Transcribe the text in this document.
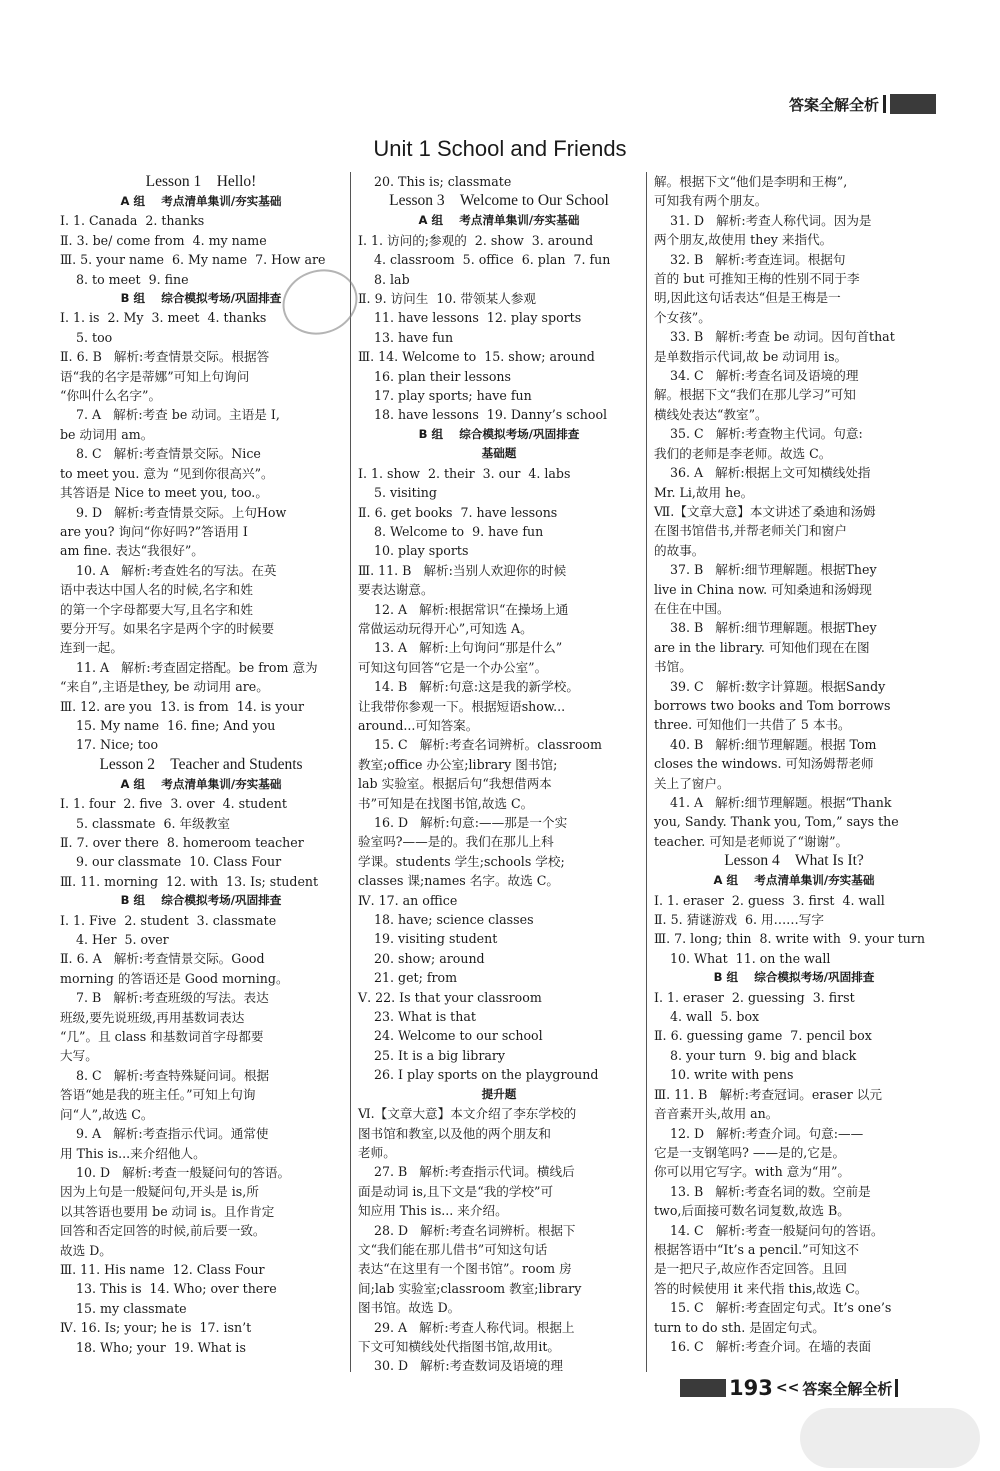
答案全解全析
Unit 1 School and Friends
Lesson 1    Hello!
A 组    考点清单集训/夯实基础
Ⅰ. 1. Canada  2. thanks
Ⅱ. 3. be/ come from  4. my name
Ⅲ. 5. your name  6. My name  7. How are
8. to meet  9. fine
B 组    综合模拟考场/巩固排查
Ⅰ. 1. is  2. My  3. meet  4. thanks
5. too
Ⅱ. 6. B   解析:考查情景交际。根据答
语“我的名字是蒂娜”可知上句询问
“你叫什么名字”。
7. A   解析:考查 be 动词。主语是 I,
be 动词用 am。
8. C   解析:考查情景交际。Nice
to meet you. 意为 “见到你很高兴”。
其答语是 Nice to meet you, too.。
9. D   解析:考查情景交际。上句How
are you? 询问“你好吗?”答语用 I
am fine. 表达“我很好”。
10. A   解析:考查姓名的写法。在英
语中表达中国人名的时候,名字和姓
的第一个字母都要大写,且名字和姓
要分开写。如果名字是两个字的时候要
连到一起。
11. A   解析:考查固定搭配。be from 意为
“来自”,主语是they, be 动词用 are。
Ⅲ. 12. are you  13. is from  14. is your
15. My name  16. fine; And you
17. Nice; too
Lesson 2    Teacher and Students
A 组    考点清单集训/夯实基础
Ⅰ. 1. four  2. five  3. over  4. student
5. classmate  6. 年级教室
Ⅱ. 7. over there  8. homeroom teacher
9. our classmate  10. Class Four
Ⅲ. 11. morning  12. with  13. Is; student
B 组    综合模拟考场/巩固排查
Ⅰ. 1. Five  2. student  3. classmate
4. Her  5. over
Ⅱ. 6. A   解析:考查情景交际。Good
morning 的答语还是 Good morning。
7. B   解析:考查班级的写法。表达
班级,要先说班级,再用基数词表达
“几”。且 class 和基数词首字母都要
大写。
8. C   解析:考查特殊疑问词。根据
答语“她是我的班主任。”可知上句询
问“人”,故选 C。
9. A   解析:考查指示代词。通常使
用 This is...来介绍他人。
10. D   解析:考查一般疑问句的答语。
因为上句是一般疑问句,开头是 is,所
以其答语也要用 be 动词 is。且作肯定
回答和否定回答的时候,前后要一致。
故选 D。
Ⅲ. 11. His name  12. Class Four
13. This is  14. Who; over there
15. my classmate
Ⅳ. 16. Is; your; he is  17. isn’t
18. Who; your  19. What is
20. This is; classmate
Lesson 3    Welcome to Our School
A 组    考点清单集训/夯实基础
Ⅰ. 1. 访问的;参观的  2. show  3. around
4. classroom  5. office  6. plan  7. fun
8. lab
Ⅱ. 9. 访问生  10. 带领某人参观
11. have lessons  12. play sports
13. have fun
Ⅲ. 14. Welcome to  15. show; around
16. plan their lessons
17. play sports; have fun
18. have lessons  19. Danny’s school
B 组    综合模拟考场/巩固排查
基础题
Ⅰ. 1. show  2. their  3. our  4. labs
5. visiting
Ⅱ. 6. get books  7. have lessons
8. Welcome to  9. have fun
10. play sports
Ⅲ. 11. B   解析:当别人欢迎你的时候
要表达谢意。
12. A   解析:根据常识“在操场上通
常做运动玩得开心”,可知选 A。
13. A   解析:上句询问“那是什么”
可知这句回答“它是一个办公室”。
14. B   解析:句意:这是我的新学校。
让我带你参观一下。根据短语show...
around...可知答案。
15. C   解析:考查名词辨析。classroom
教室;office 办公室;library 图书馆;
lab 实验室。根据后句“我想借两本
书”可知是在找图书馆,故选 C。
16. D   解析:句意:——那是一个实
验室吗?——是的。我们在那儿上科
学课。students 学生;schools 学校;
classes 课;names 名字。故选 C。
Ⅳ. 17. an office
18. have; science classes
19. visiting student
20. show; around
21. get; from
Ⅴ. 22. Is that your classroom
23. What is that
24. Welcome to our school
25. It is a big library
26. I play sports on the playground
提升题
Ⅵ.【文章大意】本文介绍了李东学校的
图书馆和教室,以及他的两个朋友和
老师。
27. B   解析:考查指示代词。横线后
面是动词 is,且下文是“我的学校”可
知应用 This is... 来介绍。
28. D   解析:考查名词辨析。根据下
文“我们能在那儿借书”可知这句话
表达“在这里有一个图书馆”。room 房
间;lab 实验室;classroom 教室;library
图书馆。故选 D。
29. A   解析:考查人称代词。根据上
下文可知横线处代指图书馆,故用it。
30. D   解析:考查数词及语境的理
解。根据下文“他们是李明和王梅”,
可知我有两个朋友。
31. D   解析:考查人称代词。因为是
两个朋友,故使用 they 来指代。
32. B   解析:考查连词。根据句
首的 but 可推知王梅的性别不同于李
明,因此这句话表达“但是王梅是一
个女孩”。
33. B   解析:考查 be 动词。因句首that
是单数指示代词,故 be 动词用 is。
34. C   解析:考查名词及语境的理
解。根据下文“我们在那儿学习”可知
横线处表达“教室”。
35. C   解析:考查物主代词。句意:
我们的老师是李老师。故选 C。
36. A   解析:根据上文可知横线处指
Mr. Li,故用 he。
Ⅶ.【文章大意】本文讲述了桑迪和汤姆
在图书馆借书,并帮老师关门和窗户
的故事。
37. B   解析:细节理解题。根据They
live in China now. 可知桑迪和汤姆现
在住在中国。
38. B   解析:细节理解题。根据They
are in the library. 可知他们现在在图
书馆。
39. C   解析:数字计算题。根据Sandy
borrows two books and Tom borrows
three. 可知他们一共借了 5 本书。
40. B   解析:细节理解题。根据 Tom
closes the windows. 可知汤姆帮老师
关上了窗户。
41. A   解析:细节理解题。根据“Thank
you, Sandy. Thank you, Tom,” says the
teacher. 可知是老师说了“谢谢”。
Lesson 4    What Is It?
A 组    考点清单集训/夯实基础
Ⅰ. 1. eraser  2. guess  3. first  4. wall
Ⅱ. 5. 猜谜游戏  6. 用……写字
Ⅲ. 7. long; thin  8. write with  9. your turn
10. What  11. on the wall
B 组    综合模拟考场/巩固排查
Ⅰ. 1. eraser  2. guessing  3. first
4. wall  5. box
Ⅱ. 6. guessing game  7. pencil box
8. your turn  9. big and black
10. write with pens
Ⅲ. 11. B   解析:考查冠词。eraser 以元
音音素开头,故用 an。
12. D   解析:考查介词。句意:——
它是一支钢笔吗? ——是的,它是。
你可以用它写字。with 意为“用”。
13. B   解析:考查名词的数。空前是
two,后面接可数名词复数,故选 B。
14. C   解析:考查一般疑问句的答语。
根据答语中“It’s a pencil.”可知这不
是一把尺子,故应作否定回答。且回
答的时候使用 it 来代指 this,故选 C。
15. C   解析:考查固定句式。It’s one’s
turn to do sth. 是固定句式。
16. C   解析:考查介词。在墙的表面
193 << 答案全解全析
